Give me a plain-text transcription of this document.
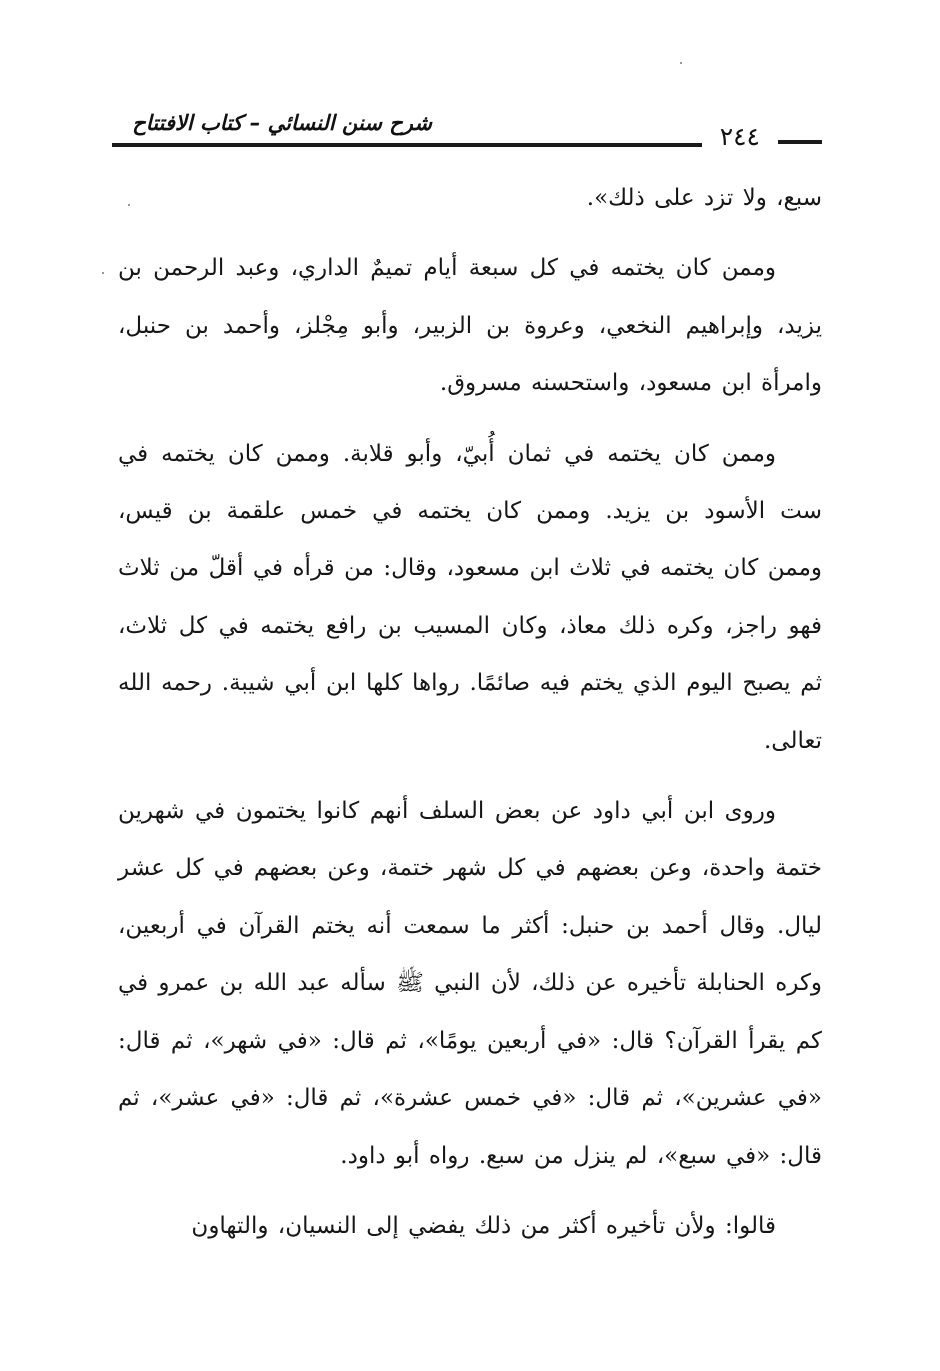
شرح سنن النسائي – كتاب الافتتاح	٢٤٤

سبع، ولا تزد على ذلك».

وممن كان يختمه في كل سبعة أيام تميمٌ الداري، وعبد الرحمن بن يزيد، وإبراهيم النخعي، وعروة بن الزبير، وأبو مِجْلز، وأحمد بن حنبل، وامرأة ابن مسعود، واستحسنه مسروق.

وممن كان يختمه في ثمان أُبيّ، وأبو قلابة. وممن كان يختمه في ست الأسود بن يزيد. وممن كان يختمه في خمس علقمة بن قيس، وممن كان يختمه في ثلاث ابن مسعود، وقال: من قرأه في أقلّ من ثلاث فهو راجز، وكره ذلك معاذ، وكان المسيب بن رافع يختمه في كل ثلاث، ثم يصبح اليوم الذي يختم فيه صائمًا. رواها كلها ابن أبي شيبة. رحمه الله تعالى.

وروى ابن أبي داود عن بعض السلف أنهم كانوا يختمون في شهرين ختمة واحدة، وعن بعضهم في كل شهر ختمة، وعن بعضهم في كل عشر ليال. وقال أحمد بن حنبل: أكثر ما سمعت أنه يختم القرآن في أربعين، وكره الحنابلة تأخيره عن ذلك، لأن النبي ﷺ سأله عبد الله بن عمرو في كم يقرأ القرآن؟ قال: «في أربعين يومًا»، ثم قال: «في شهر»، ثم قال: «في عشرين»، ثم قال: «في خمس عشرة»، ثم قال: «في عشر»، ثم قال: «في سبع»، لم ينزل من سبع. رواه أبو داود.

قالوا: ولأن تأخيره أكثر من ذلك يفضي إلى النسيان، والتهاون
